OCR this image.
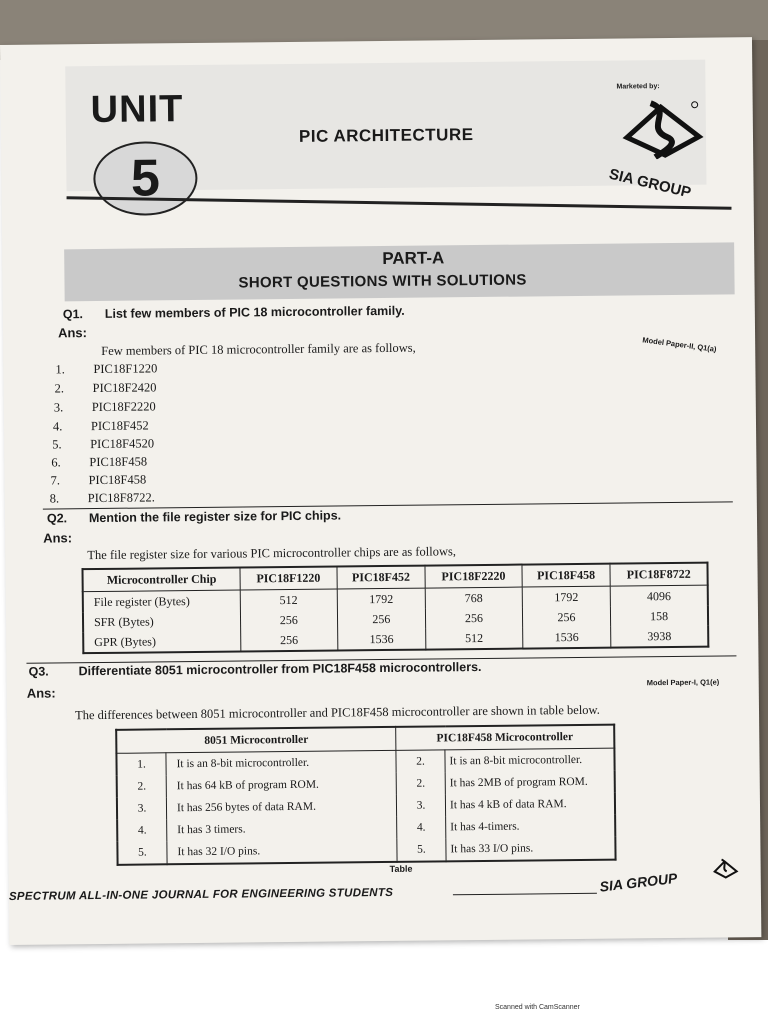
UNIT
5
PIC ARCHITECTURE
Marketed by:
SIA GROUP
PART-A
SHORT QUESTIONS WITH SOLUTIONS
Q1. List few members of PIC 18 microcontroller family.
Ans:
Model Paper-II, Q1(a)
Few members of PIC 18 microcontroller family are as follows,
1. PIC18F1220
2. PIC18F2420
3. PIC18F2220
4. PIC18F452
5. PIC18F4520
6. PIC18F458
7. PIC18F458
8. PIC18F8722.
Q2. Mention the file register size for PIC chips.
Ans:
The file register size for various PIC microcontroller chips are as follows,
Microcontroller Chip	PIC18F1220	PIC18F452	PIC18F2220	PIC18F458	PIC18F8722
File register (Bytes)	512	1792	768	1792	4096
SFR (Bytes)	256	256	256	256	158
GPR (Bytes)	256	1536	512	1536	3938
Q3. Differentiate 8051 microcontroller from PIC18F458 microcontrollers.
Ans:
Model Paper-I, Q1(e)
The differences between 8051 microcontroller and PIC18F458 microcontroller are shown in table below.
8051 Microcontroller		PIC18F458 Microcontroller	
1.	It is an 8-bit microcontroller.	2.	It is an 8-bit microcontroller.
2.	It has 64 kB of program ROM.	2.	It has 2MB of program ROM.
3.	It has 256 bytes of data RAM.	3.	It has 4 kB of data RAM.
4.	It has 3 timers.	4.	It has 4-timers.
5.	It has 32 I/O pins.	5.	It has 33 I/O pins.
Table
SPECTRUM ALL-IN-ONE JOURNAL FOR ENGINEERING STUDENTS
SIA GROUP
Scanned with CamScanner
